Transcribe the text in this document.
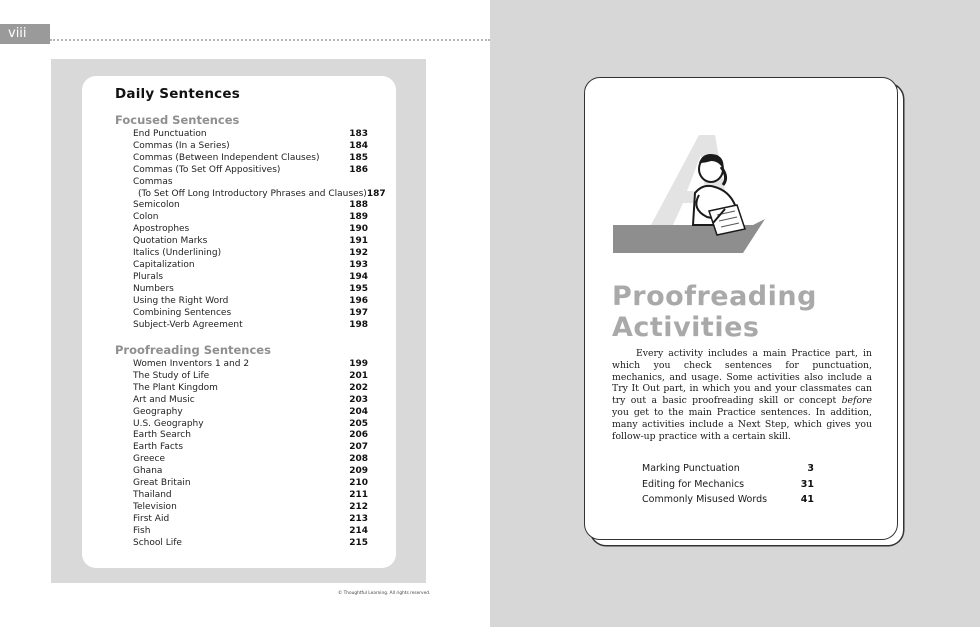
viii
Daily Sentences
Focused Sentences
End Punctuation	183
Commas (In a Series)	184
Commas (Between Independent Clauses)	185
Commas (To Set Off Appositives)	186
Commas
(To Set Off Long Introductory Phrases and Clauses) 187
Semicolon	188
Colon	189
Apostrophes	190
Quotation Marks	191
Italics (Underlining)	192
Capitalization	193
Plurals	194
Numbers	195
Using the Right Word	196
Combining Sentences	197
Subject-Verb Agreement	198
Proofreading Sentences
Women Inventors 1 and 2	199
The Study of Life	201
The Plant Kingdom	202
Art and Music	203
Geography	204
U.S. Geography	205
Earth Search	206
Earth Facts	207
Greece	208
Ghana	209
Great Britain	210
Thailand	211
Television	212
First Aid	213
Fish	214
School Life	215
© Thoughtful Learning. All rights reserved.
Proofreading
Activities

Every activity includes a main Practice part, in which you check sentences for punctuation, mechanics, and usage. Some activities also include a Try It Out part, in which you and your classmates can try out a basic proofreading skill or concept before you get to the main Practice sentences. In addition, many activities include a Next Step, which gives you follow-up practice with a certain skill.

Marking Punctuation	3
Editing for Mechanics	31
Commonly Misused Words	41
